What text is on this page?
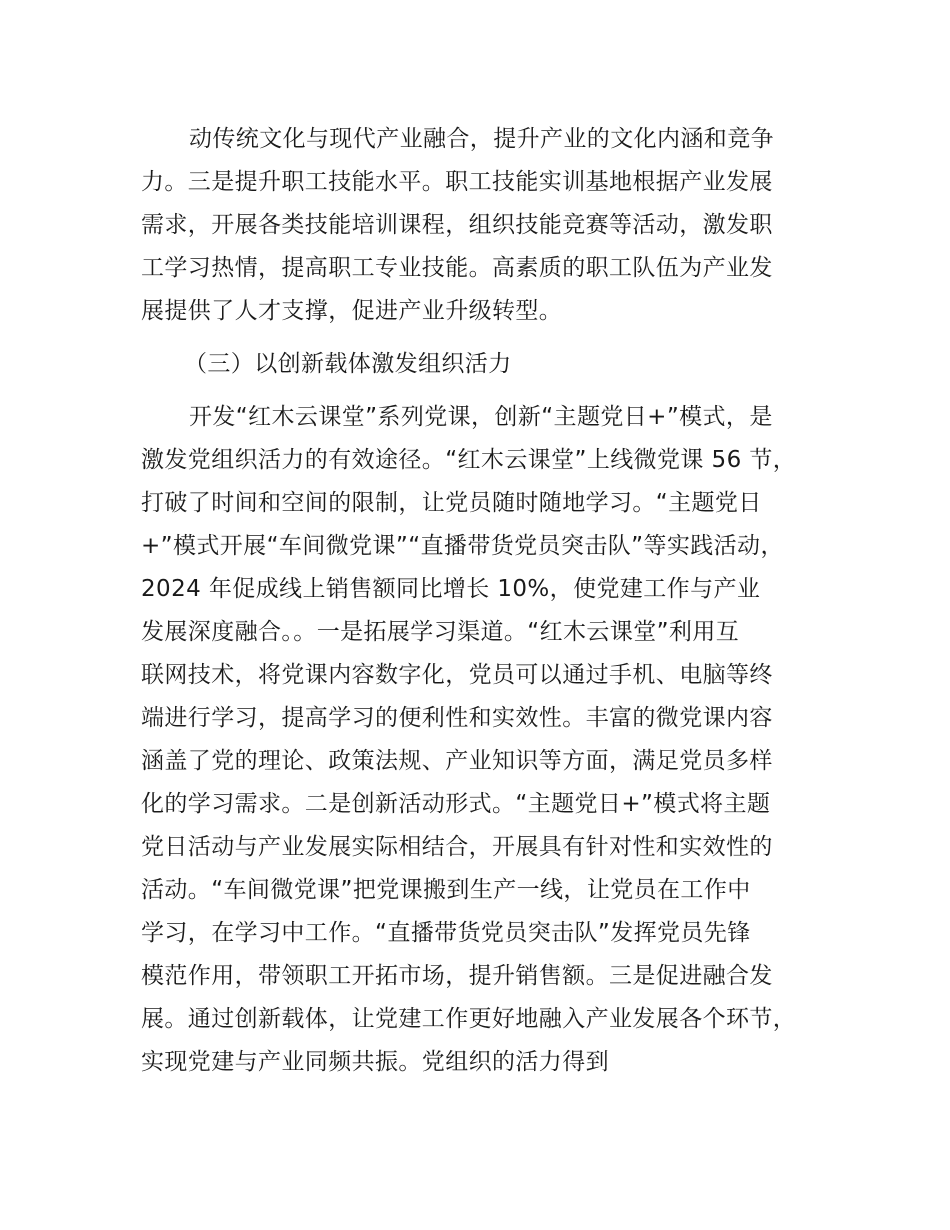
动传统文化与现代产业融合，提升产业的文化内涵和竞争
力。三是提升职工技能水平。职工技能实训基地根据产业发展
需求，开展各类技能培训课程，组织技能竞赛等活动，激发职
工学习热情，提高职工专业技能。高素质的职工队伍为产业发
展提供了人才支撑，促进产业升级转型。
（三）以创新载体激发组织活力
开发“红木云课堂”系列党课，创新“主题党日+”模式，是
激发党组织活力的有效途径。“红木云课堂”上线微党课 56 节，
打破了时间和空间的限制，让党员随时随地学习。“主题党日
+”模式开展“车间微党课”“直播带货党员突击队”等实践活动，
2024 年促成线上销售额同比增长 10%，使党建工作与产业
发展深度融合。。一是拓展学习渠道。“红木云课堂”利用互
联网技术，将党课内容数字化，党员可以通过手机、电脑等终
端进行学习，提高学习的便利性和实效性。丰富的微党课内容
涵盖了党的理论、政策法规、产业知识等方面，满足党员多样
化的学习需求。二是创新活动形式。“主题党日+”模式将主题
党日活动与产业发展实际相结合，开展具有针对性和实效性的
活动。“车间微党课”把党课搬到生产一线，让党员在工作中
学习，在学习中工作。“直播带货党员突击队”发挥党员先锋
模范作用，带领职工开拓市场，提升销售额。三是促进融合发
展。通过创新载体，让党建工作更好地融入产业发展各个环节，
实现党建与产业同频共振。党组织的活力得到
